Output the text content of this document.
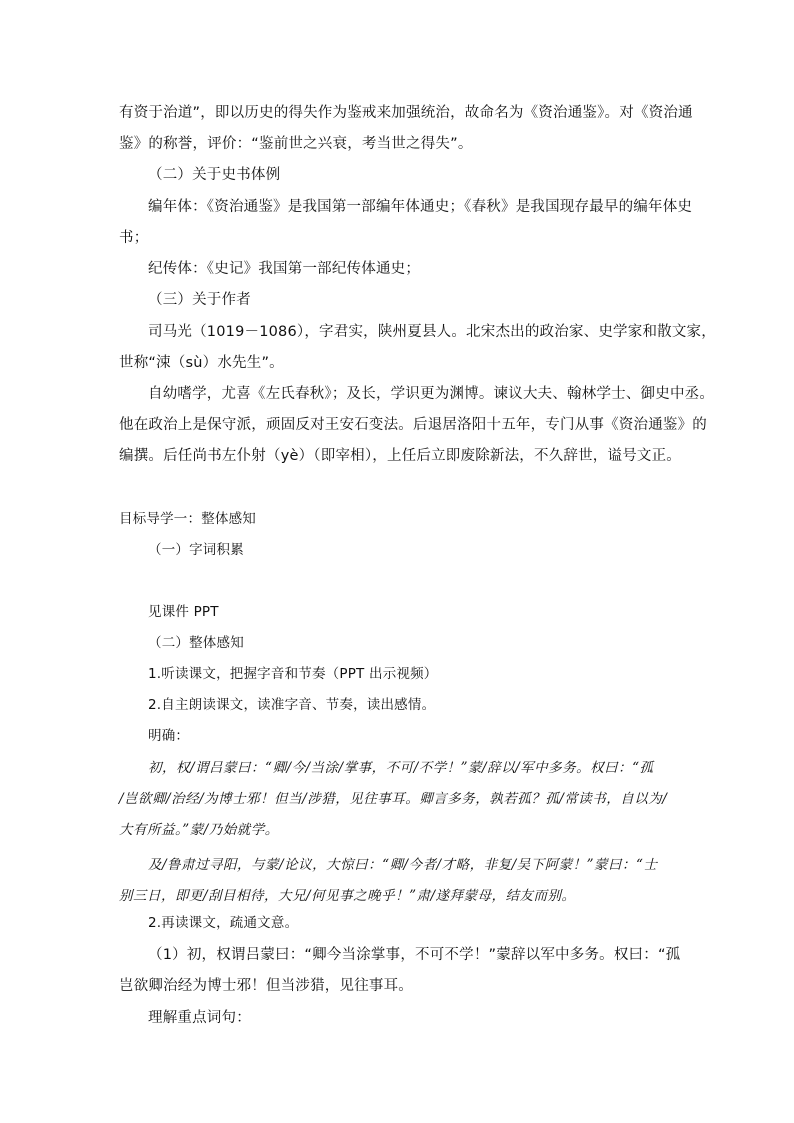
有资于治道”，即以历史的得失作为鉴戒来加强统治，故命名为《资治通鉴》。对《资治通
鉴》的称誉，评价：“鉴前世之兴衰，考当世之得失”。
（二）关于史书体例
编年体：《资治通鉴》是我国第一部编年体通史；《春秋》是我国现存最早的编年体史
书；
纪传体：《史记》我国第一部纪传体通史；
（三）关于作者
司马光（1019－1086），字君实，陕州夏县人。北宋杰出的政治家、史学家和散文家，
世称“涑（sù）水先生”。
自幼嗜学，尤喜《左氏春秋》；及长，学识更为渊博。谏议大夫、翰林学士、御史中丞。
他在政治上是保守派，顽固反对王安石变法。后退居洛阳十五年，专门从事《资治通鉴》的
编撰。后任尚书左仆射（yè）（即宰相），上任后立即废除新法，不久辞世，谥号文正。
目标导学一：整体感知
（一）字词积累
见课件 PPT
（二）整体感知
1.听读课文，把握字音和节奏（PPT 出示视频）
2.自主朗读课文，读准字音、节奏，读出感情。
明确：
初，权/谓吕蒙曰：“卿/今/当涂/掌事，不可/不学！”蒙/辞以/军中多务。权曰：“孤
/岂欲卿/治经/为博士邪！但当/涉猎，见往事耳。卿言多务，孰若孤？孤/常读书，自以为/
大有所益。”蒙/乃始就学。
及/鲁肃过寻阳，与蒙/论议，大惊曰：“卿/今者/才略，非复/吴下阿蒙！”蒙曰：“士
别三日，即更/刮目相待，大兄/何见事之晚乎！”肃/遂拜蒙母，结友而别。
2.再读课文，疏通文意。
（1）初，权谓吕蒙曰：“卿今当涂掌事，不可不学！”蒙辞以军中多务。权曰：“孤
岂欲卿治经为博士邪！但当涉猎，见往事耳。
理解重点词句：
